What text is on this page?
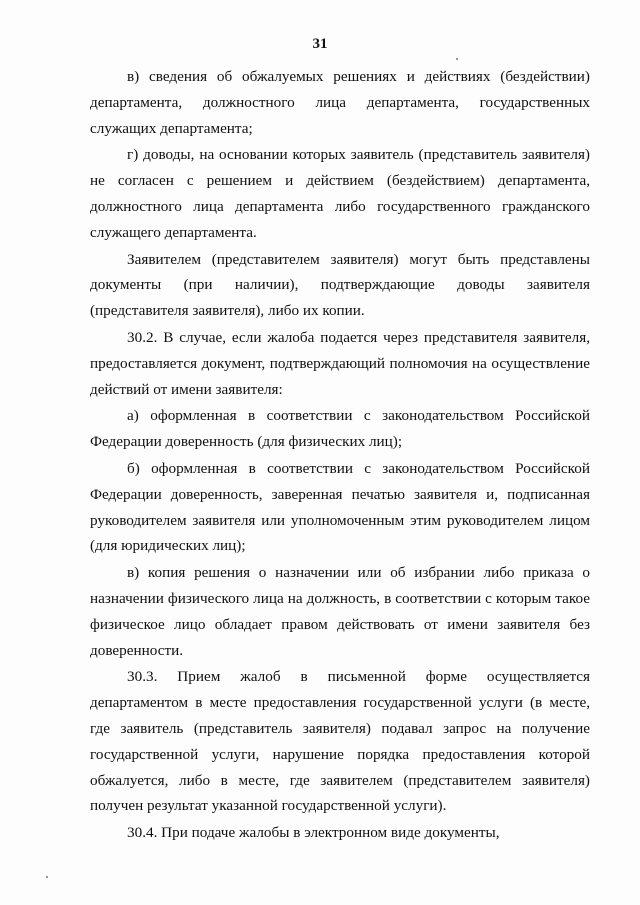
31

в) сведения об обжалуемых решениях и действиях (бездействии) департамента, должностного лица департамента, государственных служащих департамента;

г) доводы, на основании которых заявитель (представитель заявителя) не согласен с решением и действием (бездействием) департамента, должностного лица департамента либо государственного гражданского служащего департамента.

Заявителем (представителем заявителя) могут быть представлены документы (при наличии), подтверждающие доводы заявителя (представителя заявителя), либо их копии.

30.2. В случае, если жалоба подается через представителя заявителя, предоставляется документ, подтверждающий полномочия на осуществление действий от имени заявителя:

а) оформленная в соответствии с законодательством Российской Федерации доверенность (для физических лиц);

б) оформленная в соответствии с законодательством Российской Федерации доверенность, заверенная печатью заявителя и, подписанная руководителем заявителя или уполномоченным этим руководителем лицом (для юридических лиц);

в) копия решения о назначении или об избрании либо приказа о назначении физического лица на должность, в соответствии с которым такое физическое лицо обладает правом действовать от имени заявителя без доверенности.

30.3. Прием жалоб в письменной форме осуществляется департаментом в месте предоставления государственной услуги (в месте, где заявитель (представитель заявителя) подавал запрос на получение государственной услуги, нарушение порядка предоставления которой обжалуется, либо в месте, где заявителем (представителем заявителя) получен результат указанной государственной услуги).

30.4. При подаче жалобы в электронном виде документы,
